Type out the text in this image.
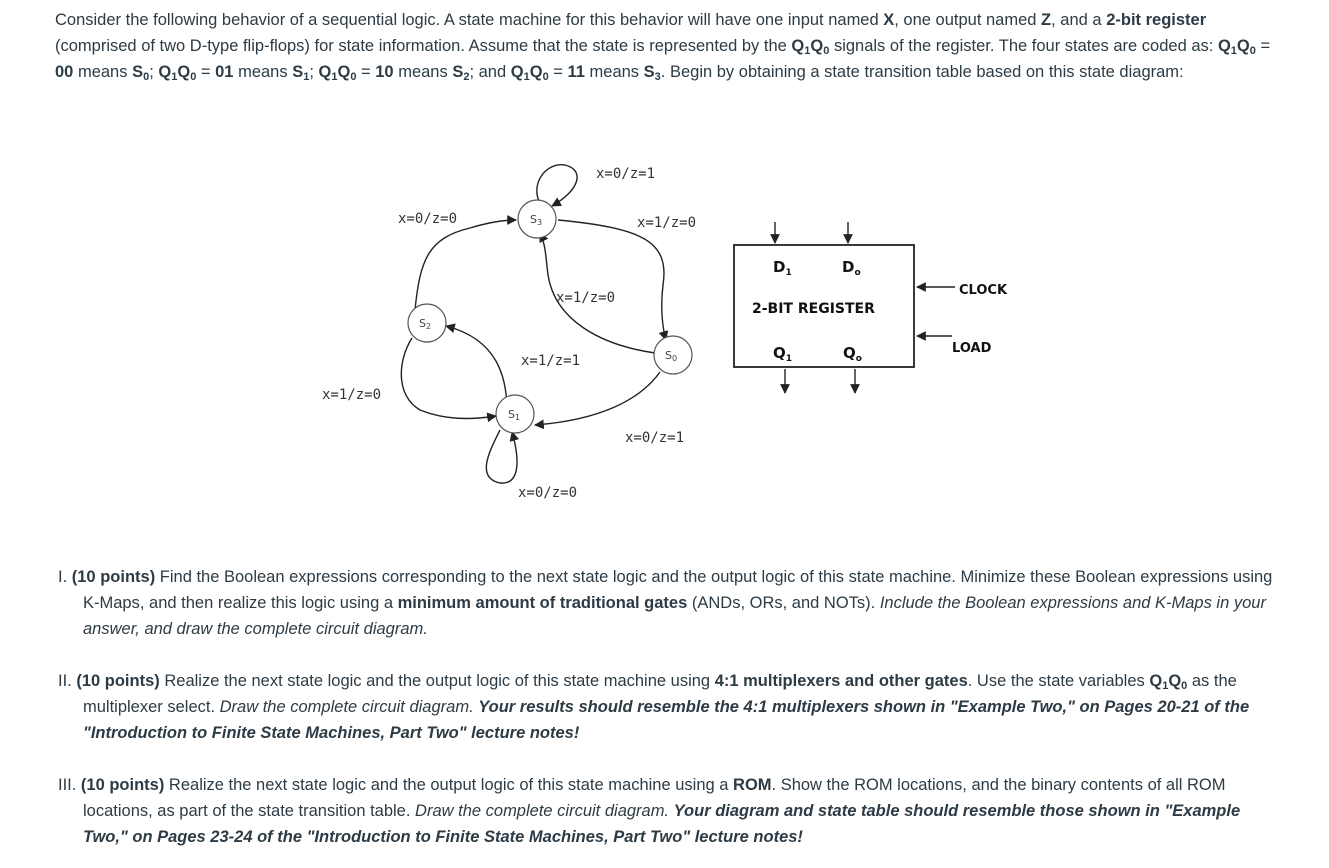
Consider the following behavior of a sequential logic. A state machine for this behavior will have one input named X, one output named Z, and a 2-bit register (comprised of two D-type flip-flops) for state information. Assume that the state is represented by the $Q_1Q_0$ signals of the register. The four states are coded as: $Q_1Q_0 = 00$ means $S_0$; $Q_1Q_0 = 01$ means $S_1$; $Q_1Q_0 = 10$ means $S_2$; and $Q_1Q_0 = 11$ means $S_3$. Begin by obtaining a state transition table based on this state diagram:
S3
S2
S0
S1
x=0/z=1
x=0/z=0	x=1/z=0
x=1/z=0
x=1/z=1
x=1/z=0
x=0/z=1
x=0/z=0
$D_1$	$D_o$
2-BIT REGISTER
$Q_1$	$Q_o$
CLOCK
LOAD
I. (10 points) Find the Boolean expressions corresponding to the next state logic and the output logic of this state machine. Minimize these Boolean expressions using K-Maps, and then realize this logic using a minimum amount of traditional gates (ANDs, ORs, and NOTs). Include the Boolean expressions and K-Maps in your answer, and draw the complete circuit diagram.
II. (10 points) Realize the next state logic and the output logic of this state machine using 4:1 multiplexers and other gates. Use the state variables $Q_1Q_0$ as the multiplexer select. Draw the complete circuit diagram. Your results should resemble the 4:1 multiplexers shown in "Example Two," on Pages 20-21 of the "Introduction to Finite State Machines, Part Two" lecture notes!
III. (10 points) Realize the next state logic and the output logic of this state machine using a ROM. Show the ROM locations, and the binary contents of all ROM locations, as part of the state transition table. Draw the complete circuit diagram. Your diagram and state table should resemble those shown in "Example Two," on Pages 23-24 of the "Introduction to Finite State Machines, Part Two" lecture notes!
